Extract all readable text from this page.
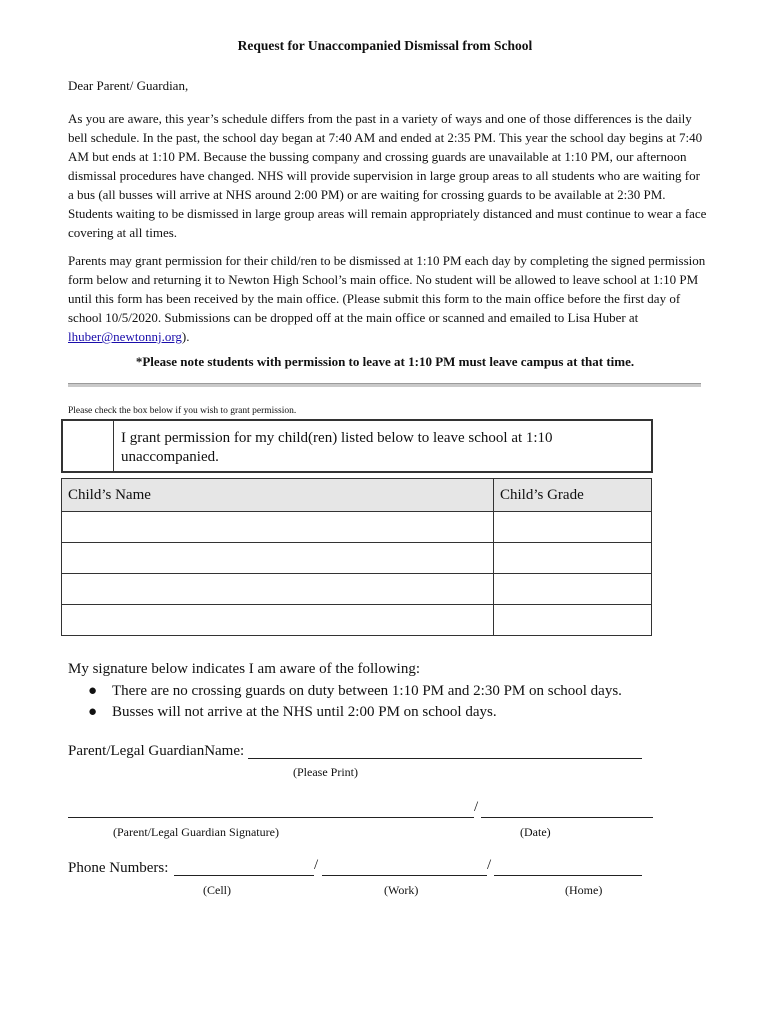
Request for Unaccompanied Dismissal from School
Dear Parent/ Guardian,
As you are aware, this year’s schedule differs from the past in a variety of ways and one of those differences is the daily bell schedule. In the past, the school day began at 7:40 AM and ended at 2:35 PM. This year the school day begins at 7:40 AM but ends at 1:10 PM. Because the bussing company and crossing guards are unavailable at 1:10 PM, our afternoon dismissal procedures have changed. NHS will provide supervision in large group areas to all students who are waiting for a bus (all busses will arrive at NHS around 2:00 PM) or are waiting for crossing guards to be available at 2:30 PM. Students waiting to be dismissed in large group areas will remain appropriately distanced and must continue to wear a face covering at all times.
Parents may grant permission for their child/ren to be dismissed at 1:10 PM each day by completing the signed permission form below and returning it to Newton High School’s main office. No student will be allowed to leave school at 1:10 PM until this form has been received by the main office. (Please submit this form to the main office before the first day of school 10/5/2020. Submissions can be dropped off at the main office or scanned and emailed to Lisa Huber at lhuber@newtonnj.org).
*Please note students with permission to leave at 1:10 PM must leave campus at that time.
Please check the box below if you wish to grant permission.
I grant permission for my child(ren) listed below to leave school at 1:10 unaccompanied.
Child’s Name	Child’s Grade

My signature below indicates I am aware of the following:
● There are no crossing guards on duty between 1:10 PM and 2:30 PM on school days.
● Busses will not arrive at the NHS until 2:00 PM on school days.
Parent/Legal GuardianName:
(Please Print)
/
(Parent/Legal Guardian Signature)	(Date)
Phone Numbers:	/	/
(Cell)	(Work)	(Home)
